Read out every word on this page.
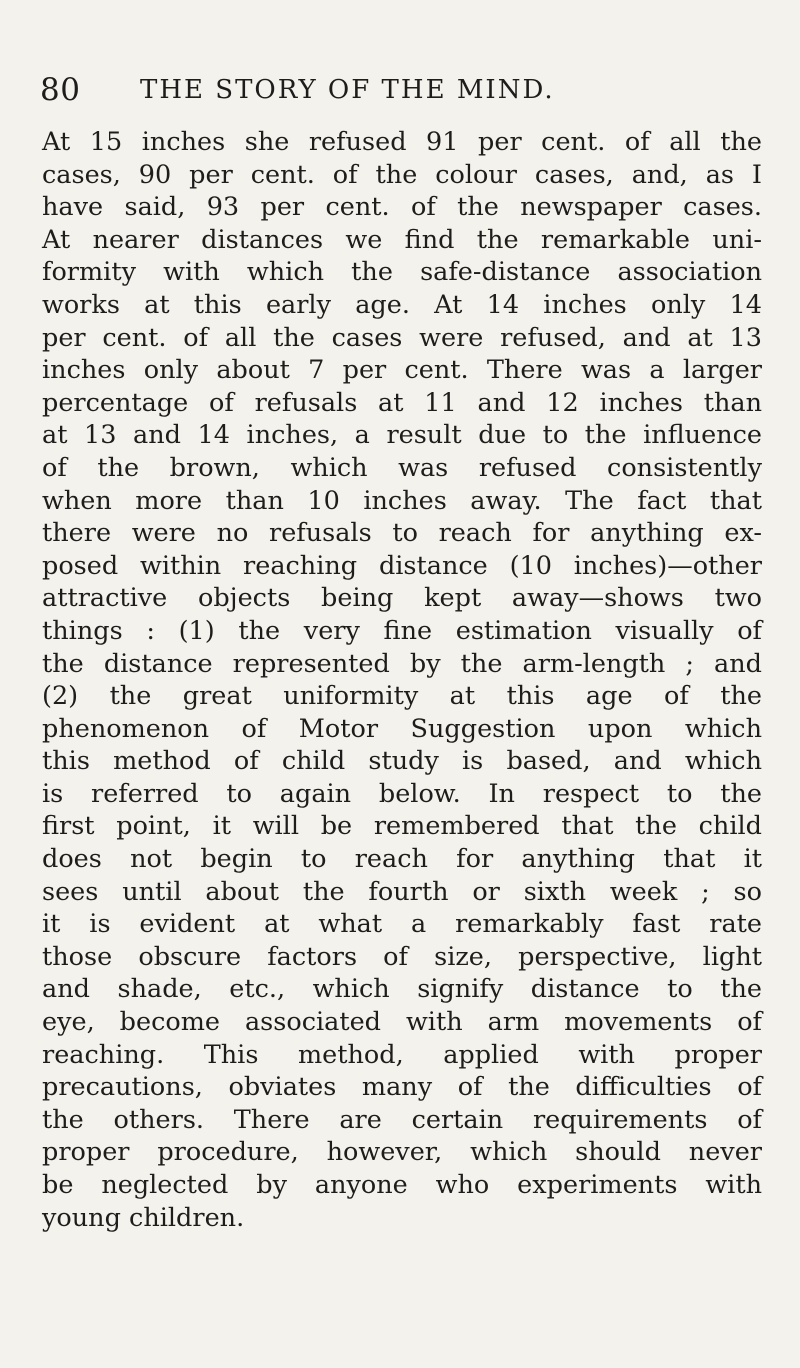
80 THE STORY OF THE MIND.
At 15 inches she refused 91 per cent. of all the
cases, 90 per cent. of the colour cases, and, as I
have said, 93 per cent. of the newspaper cases.
At nearer distances we find the remarkable uni-
formity with which the safe-distance association
works at this early age. At 14 inches only 14
per cent. of all the cases were refused, and at 13
inches only about 7 per cent. There was a larger
percentage of refusals at 11 and 12 inches than
at 13 and 14 inches, a result due to the influence
of the brown, which was refused consistently
when more than 10 inches away. The fact that
there were no refusals to reach for anything ex-
posed within reaching distance (10 inches)—other
attractive objects being kept away—shows two
things : (1) the very fine estimation visually of
the distance represented by the arm-length ; and
(2) the great uniformity at this age of the
phenomenon of Motor Suggestion upon which
this method of child study is based, and which
is referred to again below. In respect to the
first point, it will be remembered that the child
does not begin to reach for anything that it
sees until about the fourth or sixth week ; so
it is evident at what a remarkably fast rate
those obscure factors of size, perspective, light
and shade, etc., which signify distance to the
eye, become associated with arm movements of
reaching. This method, applied with proper
precautions, obviates many of the difficulties of
the others. There are certain requirements of
proper procedure, however, which should never
be neglected by anyone who experiments with
young children.
